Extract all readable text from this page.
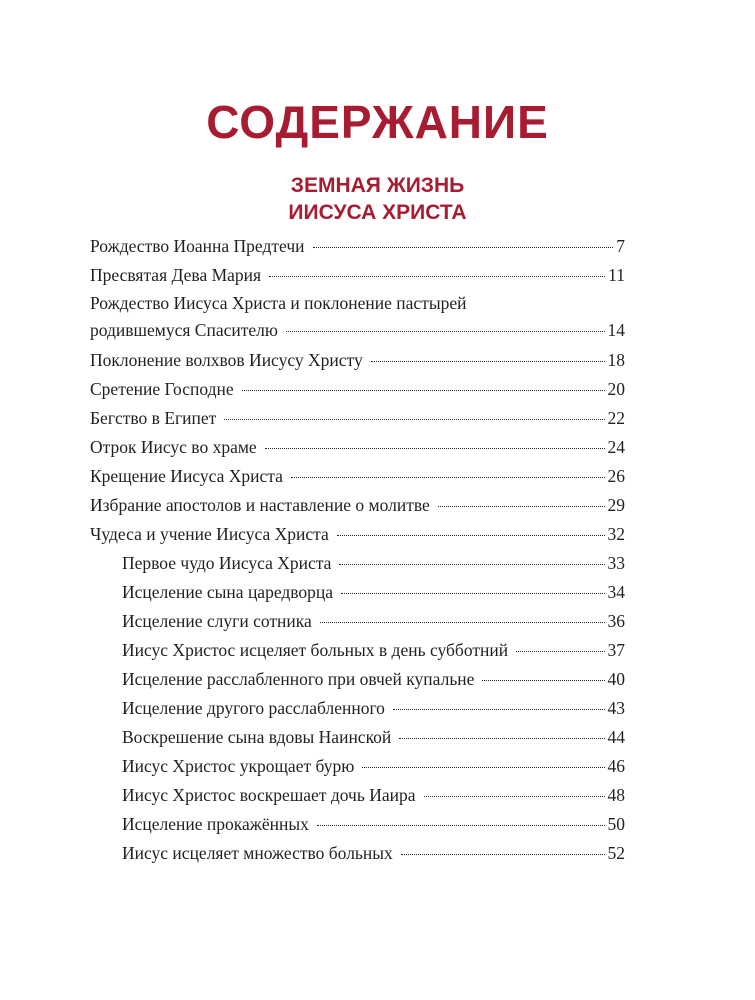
СОДЕРЖАНИЕ
ЗЕМНАЯ ЖИЗНЬ
ИИСУСА ХРИСТА
Рождество Иоанна Предтечи	7
Пресвятая Дева Мария	11
Рождество Иисуса Христа и поклонение пастырей
родившемуся Спасителю	14
Поклонение волхвов Иисусу Христу	18
Сретение Господне	20
Бегство в Египет	22
Отрок Иисус во храме	24
Крещение Иисуса Христа	26
Избрание апостолов и наставление о молитве	29
Чудеса и учение Иисуса Христа	32
Первое чудо Иисуса Христа	33
Исцеление сына царедворца	34
Исцеление слуги сотника	36
Иисус Христос исцеляет больных в день субботний	37
Исцеление расслабленного при овчей купальне	40
Исцеление другого расслабленного	43
Воскрешение сына вдовы Наинской	44
Иисус Христос укрощает бурю	46
Иисус Христос воскрешает дочь Иаира	48
Исцеление прокажённых	50
Иисус исцеляет множество больных	52
